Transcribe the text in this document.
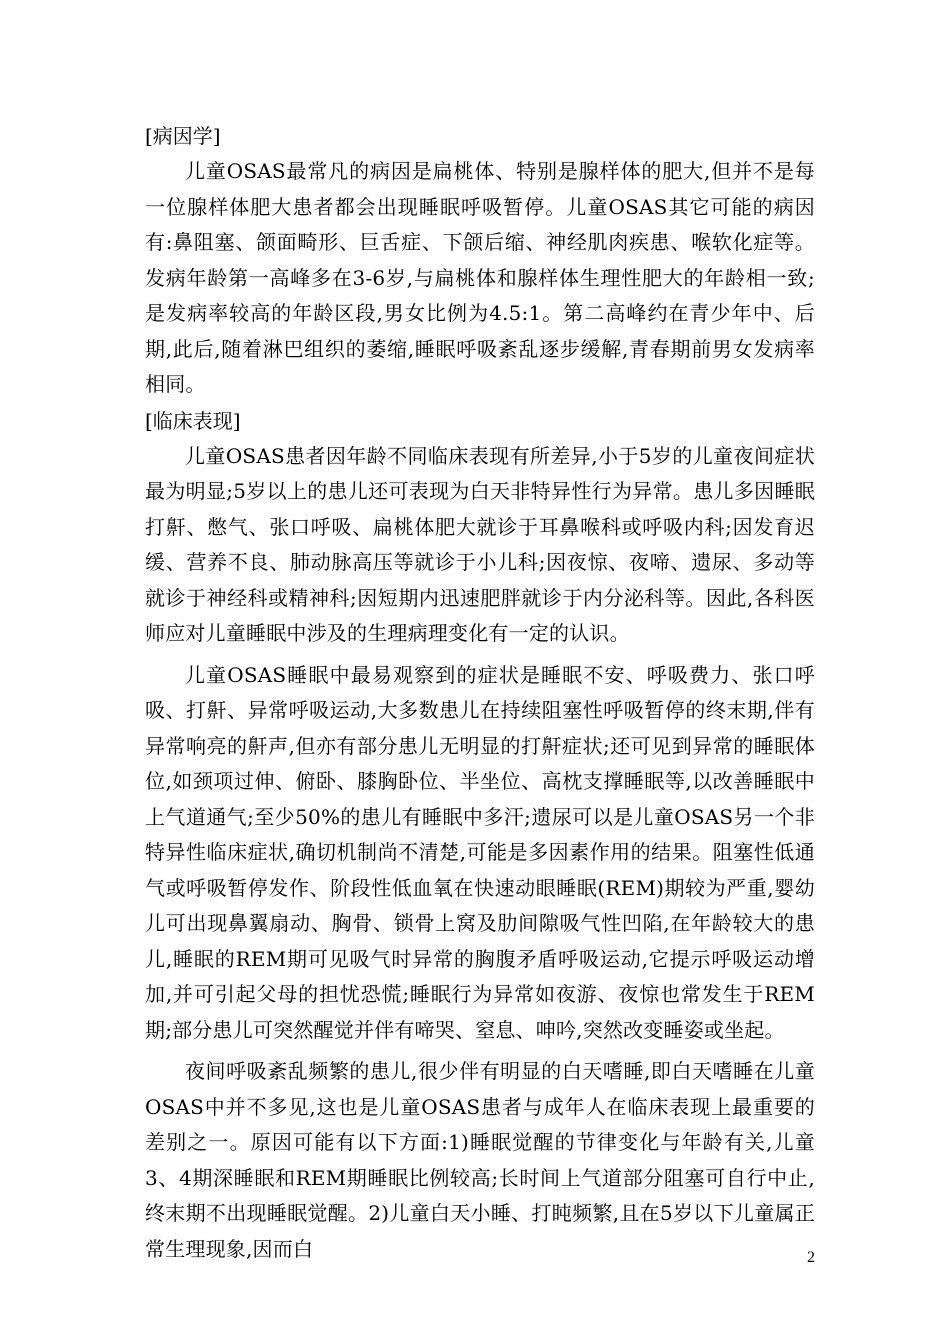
[病因学]

儿童OSAS最常凡的病因是扁桃体、特别是腺样体的肥大,但并不是每一位腺样体肥大患者都会出现睡眠呼吸暂停。儿童OSAS其它可能的病因有:鼻阻塞、颌面畸形、巨舌症、下颌后缩、神经肌肉疾患、喉软化症等。发病年龄第一高峰多在3-6岁,与扁桃体和腺样体生理性肥大的年龄相一致;是发病率较高的年龄区段,男女比例为4.5:1。第二高峰约在青少年中、后期,此后,随着淋巴组织的萎缩,睡眠呼吸紊乱逐步缓解,青春期前男女发病率相同。

[临床表现]

儿童OSAS患者因年龄不同临床表现有所差异,小于5岁的儿童夜间症状最为明显;5岁以上的患儿还可表现为白天非特异性行为异常。患儿多因睡眠打鼾、憋气、张口呼吸、扁桃体肥大就诊于耳鼻喉科或呼吸内科;因发育迟缓、营养不良、肺动脉高压等就诊于小儿科;因夜惊、夜啼、遗尿、多动等就诊于神经科或精神科;因短期内迅速肥胖就诊于内分泌科等。因此,各科医师应对儿童睡眠中涉及的生理病理变化有一定的认识。

儿童OSAS睡眠中最易观察到的症状是睡眠不安、呼吸费力、张口呼吸、打鼾、异常呼吸运动,大多数患儿在持续阻塞性呼吸暂停的终末期,伴有异常响亮的鼾声,但亦有部分患儿无明显的打鼾症状;还可见到异常的睡眠体位,如颈项过伸、俯卧、膝胸卧位、半坐位、高枕支撑睡眠等,以改善睡眠中上气道通气;至少50%的患儿有睡眠中多汗;遗尿可以是儿童OSAS另一个非特异性临床症状,确切机制尚不清楚,可能是多因素作用的结果。阻塞性低通气或呼吸暂停发作、阶段性低血氧在快速动眼睡眠(REM)期较为严重,婴幼儿可出现鼻翼扇动、胸骨、锁骨上窝及肋间隙吸气性凹陷,在年龄较大的患儿,睡眠的REM期可见吸气时异常的胸腹矛盾呼吸运动,它提示呼吸运动增加,并可引起父母的担忧恐慌;睡眠行为异常如夜游、夜惊也常发生于REM期;部分患儿可突然醒觉并伴有啼哭、窒息、呻吟,突然改变睡姿或坐起。

夜间呼吸紊乱频繁的患儿,很少伴有明显的白天嗜睡,即白天嗜睡在儿童OSAS中并不多见,这也是儿童OSAS患者与成年人在临床表现上最重要的差别之一。原因可能有以下方面:1)睡眠觉醒的节律变化与年龄有关,儿童3、4期深睡眠和REM期睡眠比例较高;长时间上气道部分阻塞可自行中止,终末期不出现睡眠觉醒。2)儿童白天小睡、打盹频繁,且在5岁以下儿童属正常生理现象,因而白	2
